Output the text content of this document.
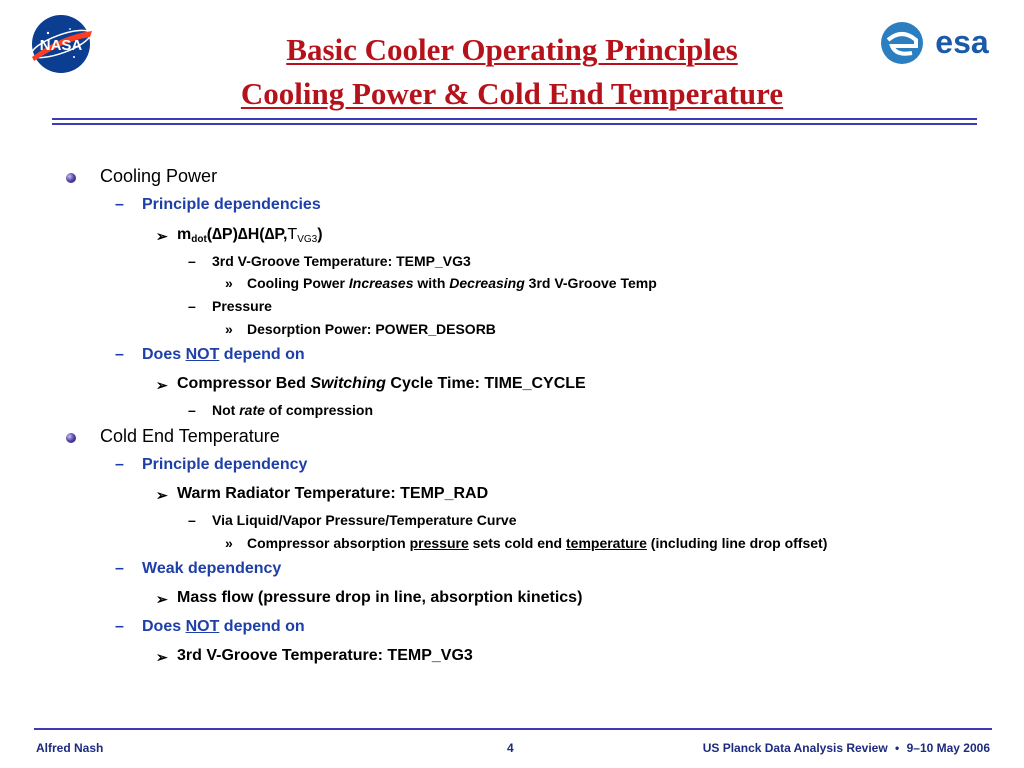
NASA	esa
Basic Cooler Operating Principles
Cooling Power & Cold End Temperature
Cooling Power
– Principle dependencies
➢ $m_{dot}(\Delta P)\Delta H(\Delta P,T_{VG3})$
– 3rd V-Groove Temperature: TEMP_VG3
» Cooling Power Increases with Decreasing 3rd V-Groove Temp
– Pressure
» Desorption Power: POWER_DESORB
– Does NOT depend on
➢ Compressor Bed Switching Cycle Time: TIME_CYCLE
– Not rate of compression
Cold End Temperature
– Principle dependency
➢ Warm Radiator Temperature: TEMP_RAD
– Via Liquid/Vapor Pressure/Temperature Curve
» Compressor absorption pressure sets cold end temperature (including line drop offset)
– Weak dependency
➢ Mass flow (pressure drop in line, absorption kinetics)
– Does NOT depend on
➢ 3rd V-Groove Temperature: TEMP_VG3
Alfred Nash	4	US Planck Data Analysis Review • 9–10 May 2006
